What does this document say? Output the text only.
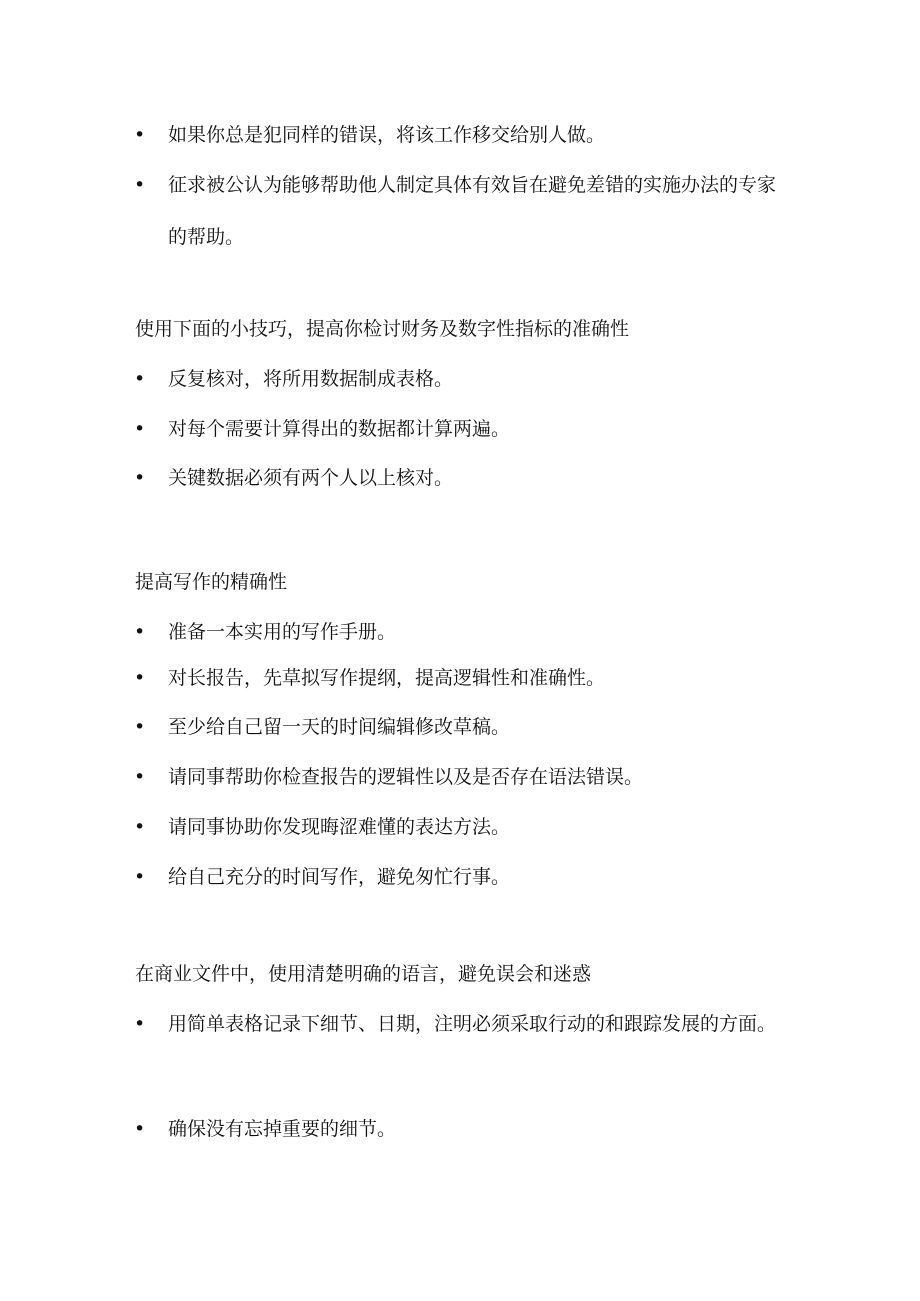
• 如果你总是犯同样的错误，将该工作移交给别人做。
• 征求被公认为能够帮助他人制定具体有效旨在避免差错的实施办法的专家的帮助。
使用下面的小技巧，提高你检讨财务及数字性指标的准确性
• 反复核对，将所用数据制成表格。
• 对每个需要计算得出的数据都计算两遍。
• 关键数据必须有两个人以上核对。
提高写作的精确性
• 准备一本实用的写作手册。
• 对长报告，先草拟写作提纲，提高逻辑性和准确性。
• 至少给自己留一天的时间编辑修改草稿。
• 请同事帮助你检查报告的逻辑性以及是否存在语法错误。
• 请同事协助你发现晦涩难懂的表达方法。
• 给自己充分的时间写作，避免匆忙行事。
在商业文件中，使用清楚明确的语言，避免误会和迷惑
• 用简单表格记录下细节、日期，注明必须采取行动的和跟踪发展的方面。
• 确保没有忘掉重要的细节。
